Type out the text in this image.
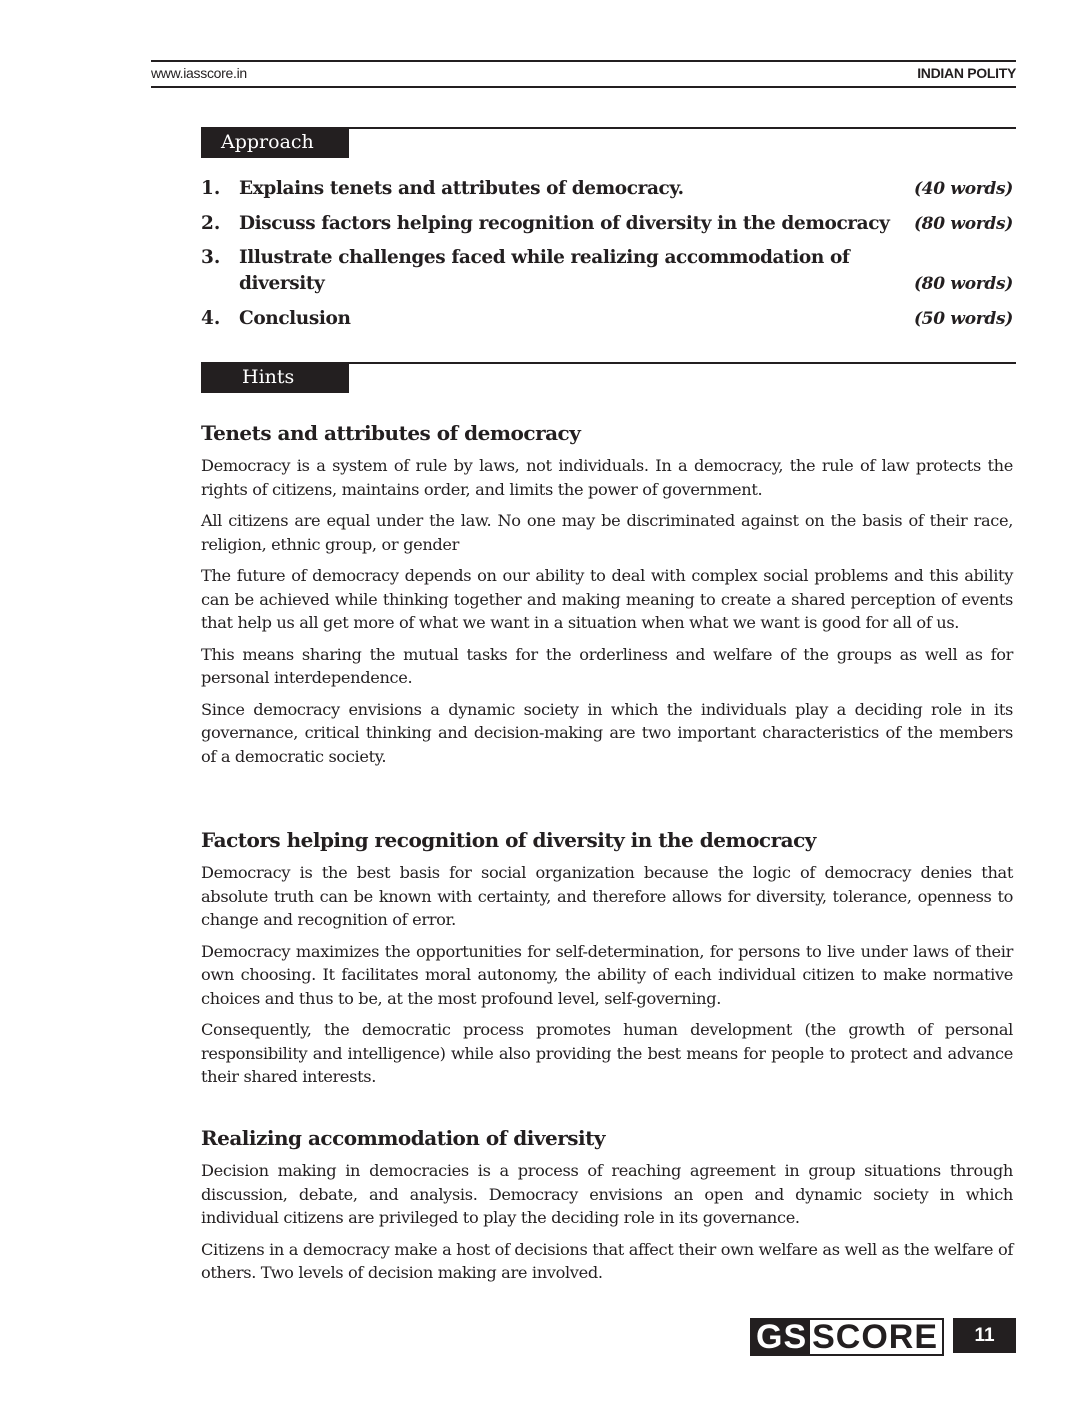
www.iasscore.in	INDIAN POLITY
Approach
1.	Explains tenets and attributes of democracy.	(40 words)
2.	Discuss factors helping recognition of diversity in the democracy	(80 words)
3.	Illustrate challenges faced while realizing accommodation of diversity	(80 words)
4.	Conclusion	(50 words)
Hints
Tenets and attributes of democracy

Democracy is a system of rule by laws, not individuals. In a democracy, the rule of law protects the rights of citizens, maintains order, and limits the power of government.

All citizens are equal under the law. No one may be discriminated against on the basis of their race, religion, ethnic group, or gender

The future of democracy depends on our ability to deal with complex social problems and this ability can be achieved while thinking together and making meaning to create a shared perception of events that help us all get more of what we want in a situation when what we want is good for all of us.

This means sharing the mutual tasks for the orderliness and welfare of the groups as well as for personal interdependence.

Since democracy envisions a dynamic society in which the individuals play a deciding role in its governance, critical thinking and decision-making are two important characteristics of the members of a democratic society.

Factors helping recognition of diversity in the democracy

Democracy is the best basis for social organization because the logic of democracy denies that absolute truth can be known with certainty, and therefore allows for diversity, tolerance, openness to change and recognition of error.

Democracy maximizes the opportunities for self-determination, for persons to live under laws of their own choosing. It facilitates moral autonomy, the ability of each individual citizen to make normative choices and thus to be, at the most profound level, self-governing.

Consequently, the democratic process promotes human development (the growth of personal responsibility and intelligence) while also providing the best means for people to protect and advance their shared interests.

Realizing accommodation of diversity

Decision making in democracies is a process of reaching agreement in group situations through discussion, debate, and analysis. Democracy envisions an open and dynamic society in which individual citizens are privileged to play the deciding role in its governance.

Citizens in a democracy make a host of decisions that affect their own welfare as well as the welfare of others. Two levels of decision making are involved.

GS SCORE	11
